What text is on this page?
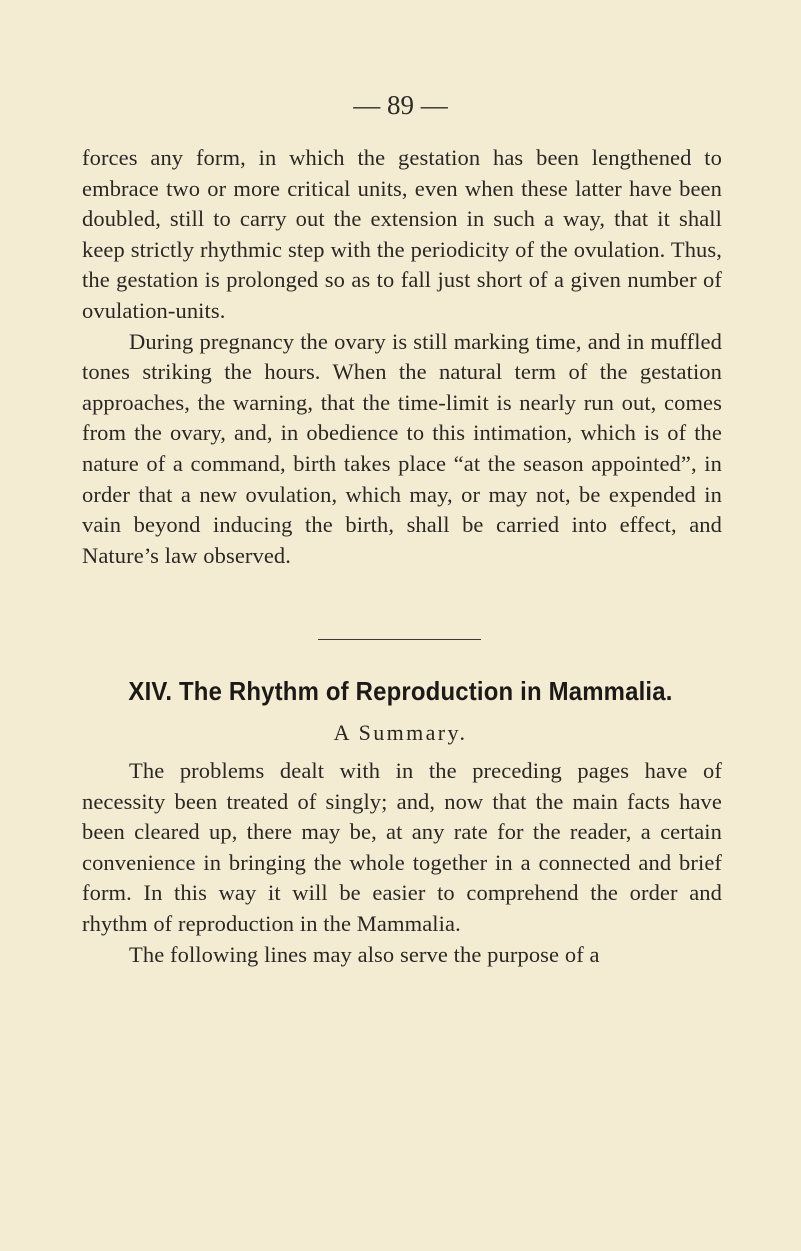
— 89 —

forces any form, in which the gestation has been lengthened to embrace two or more critical units, even when these latter have been doubled, still to carry out the extension in such a way, that it shall keep strictly rhythmic step with the periodicity of the ovulation. Thus, the gestation is prolonged so as to fall just short of a given number of ovulation-units.

During pregnancy the ovary is still marking time, and in muffled tones striking the hours. When the natural term of the gestation approaches, the warning, that the time-limit is nearly run out, comes from the ovary, and, in obedience to this intimation, which is of the nature of a command, birth takes place “at the season appointed”, in order that a new ovulation, which may, or may not, be expended in vain beyond inducing the birth, shall be carried into effect, and Nature’s law observed.

XIV. The Rhythm of Reproduction in Mammalia.
A Summary.

The problems dealt with in the preceding pages have of necessity been treated of singly; and, now that the main facts have been cleared up, there may be, at any rate for the reader, a certain convenience in bringing the whole together in a connected and brief form. In this way it will be easier to comprehend the order and rhythm of reproduction in the Mammalia.

The following lines may also serve the purpose of a
